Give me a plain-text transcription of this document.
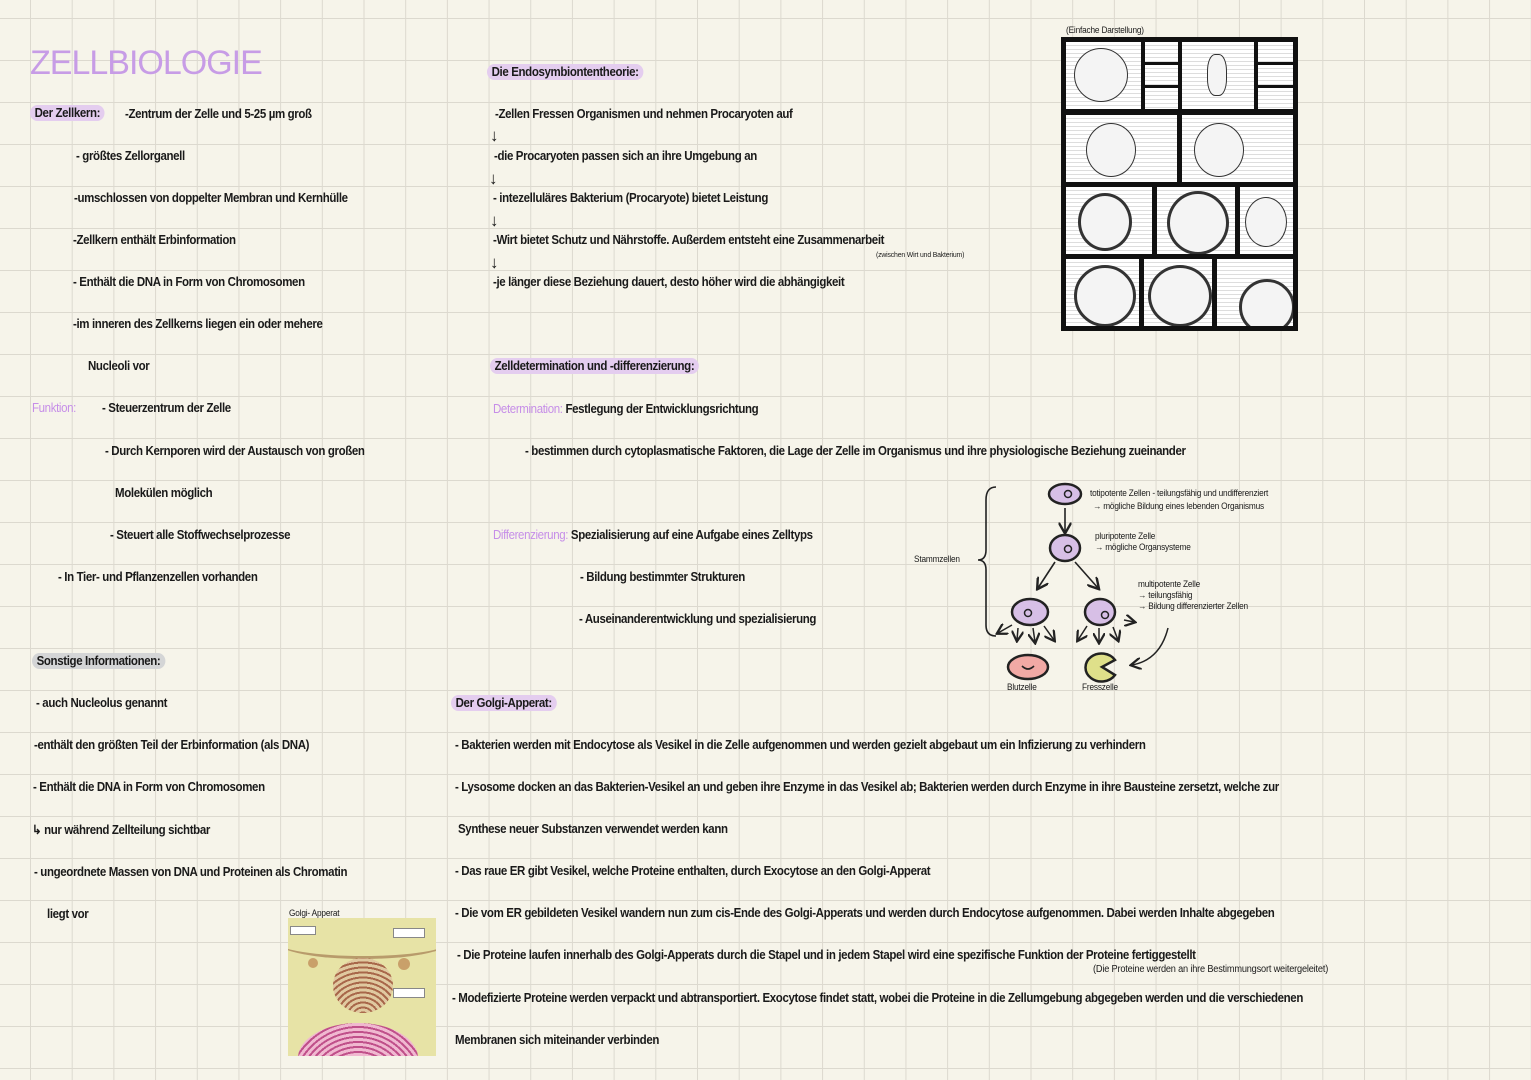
ZELLBIOLOGIE
Der Zellkern:	-Zentrum der Zelle und 5-25 µm groß
- größtes Zellorganell
-umschlossen von doppelter Membran und Kernhülle
-Zellkern enthält Erbinformation
- Enthält die DNA in Form von Chromosomen
-im inneren des Zellkerns liegen ein oder mehere
Nucleoli vor
Funktion: - Steuerzentrum der Zelle
- Durch Kernporen wird der Austausch von großen
Molekülen möglich
- Steuert alle Stoffwechselprozesse
- In Tier- und Pflanzenzellen vorhanden
Sonstige Informationen:
- auch Nucleolus genannt
-enthält den größten Teil der Erbinformation (als DNA)
- Enthält die DNA in Form von Chromosomen
↳ nur während Zellteilung sichtbar
- ungeordnete Massen von DNA und Proteinen als Chromatin
liegt vor	Golgi- Apperat
Die Endosymbiontentheorie:
-Zellen Fressen Organismen und nehmen Procaryoten auf
↓
-die Procaryoten passen sich an ihre Umgebung an
↓
- intezelluläres Bakterium (Procaryote) bietet Leistung
↓
-Wirt bietet Schutz und Nährstoffe. Außerdem entsteht eine Zusammenarbeit
(zwischen Wirt und Bakterium)
↓
-je länger diese Beziehung dauert, desto höher wird die abhängigkeit
(Einfache Darstellung)
Zelldetermination und -differenzierung:
Determination: Festlegung der Entwicklungsrichtung
- bestimmen durch cytoplasmatische Faktoren, die Lage der Zelle im Organismus und ihre physiologische Beziehung zueinander
Differenzierung: Spezialisierung auf eine Aufgabe eines Zelltyps
- Bildung bestimmter Strukturen
- Auseinanderentwicklung und spezialisierung
Stammzellen
totipotente Zellen - teilungsfähig und undifferenziert
→ mögliche Bildung eines lebenden Organismus
pluripotente Zelle
→ mögliche Organsysteme
multipotente Zelle
→ teilungsfähig
→ Bildung differenzierter Zellen
Blutzelle	Fresszelle
Der Golgi-Apperat:
- Bakterien werden mit Endocytose als Vesikel in die Zelle aufgenommen und werden gezielt abgebaut um ein Infizierung zu verhindern
- Lysosome docken an das Bakterien-Vesikel an und geben ihre Enzyme in das Vesikel ab; Bakterien werden durch Enzyme in ihre Bausteine zersetzt, welche zur
Synthese neuer Substanzen verwendet werden kann
- Das raue ER gibt Vesikel, welche Proteine enthalten, durch Exocytose an den Golgi-Apperat
- Die vom ER gebildeten Vesikel wandern nun zum cis-Ende des Golgi-Apperats und werden durch Endocytose aufgenommen. Dabei werden Inhalte abgegeben
- Die Proteine laufen innerhalb des Golgi-Apperats durch die Stapel und in jedem Stapel wird eine spezifische Funktion der Proteine fertiggestellt
(Die Proteine werden an ihre Bestimmungsort weitergeleitet)
- Modefizierte Proteine werden verpackt und abtransportiert. Exocytose findet statt, wobei die Proteine in die Zellumgebung abgegeben werden und die verschiedenen
Membranen sich miteinander verbinden
